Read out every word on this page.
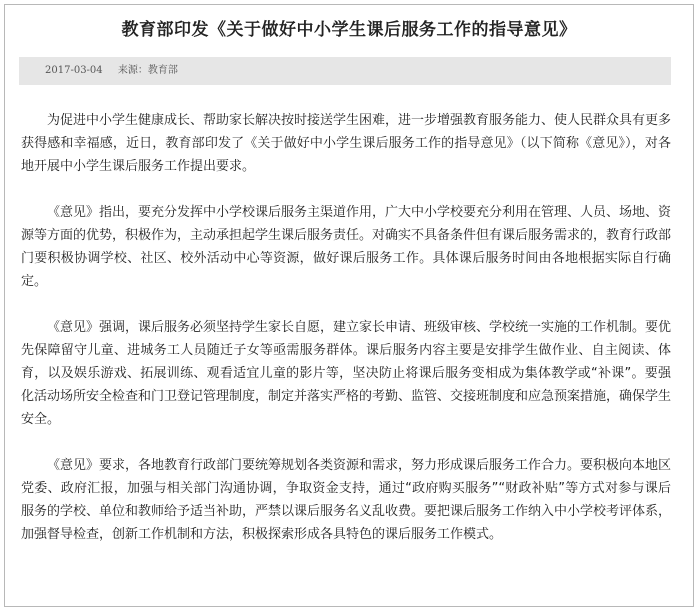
教育部印发《关于做好中小学生课后服务工作的指导意见》
2017-03-04 来源：教育部

为促进中小学生健康成长、帮助家长解决按时接送学生困难，进一步增强教育服务能力、使人民群众具有更多获得感和幸福感，近日，教育部印发了《关于做好中小学生课后服务工作的指导意见》（以下简称《意见》），对各地开展中小学生课后服务工作提出要求。

《意见》指出，要充分发挥中小学校课后服务主渠道作用，广大中小学校要充分利用在管理、人员、场地、资源等方面的优势，积极作为，主动承担起学生课后服务责任。对确实不具备条件但有课后服务需求的，教育行政部门要积极协调学校、社区、校外活动中心等资源，做好课后服务工作。具体课后服务时间由各地根据实际自行确定。

《意见》强调，课后服务必须坚持学生家长自愿，建立家长申请、班级审核、学校统一实施的工作机制。要优先保障留守儿童、进城务工人员随迁子女等亟需服务群体。课后服务内容主要是安排学生做作业、自主阅读、体育，以及娱乐游戏、拓展训练、观看适宜儿童的影片等，坚决防止将课后服务变相成为集体教学或“补课”。要强化活动场所安全检查和门卫登记管理制度，制定并落实严格的考勤、监管、交接班制度和应急预案措施，确保学生安全。

《意见》要求，各地教育行政部门要统筹规划各类资源和需求，努力形成课后服务工作合力。要积极向本地区党委、政府汇报，加强与相关部门沟通协调，争取资金支持，通过“政府购买服务”“财政补贴”等方式对参与课后服务的学校、单位和教师给予适当补助，严禁以课后服务名义乱收费。要把课后服务工作纳入中小学校考评体系，加强督导检查，创新工作机制和方法，积极探索形成各具特色的课后服务工作模式。
